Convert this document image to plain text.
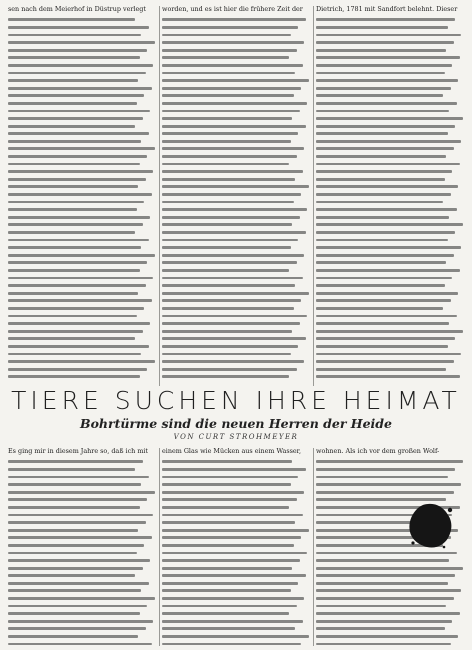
sen nach dem Meierhof in Düstrup verlegt	worden, und es ist hier die frühere Zeit der	Dietrich, 1781 mit Sandfort belehnt. Dieser

TIERE SUCHEN IHRE HEIMAT

Bohrtürme sind die neuen Herren der Heide

VON CURT STROHMEYER

Es ging mir in diesem Jahre so, daß ich mit	einem Glas wie Mücken aus einem Wasser,	wohnen. Als ich vor dem großen Wolf-
